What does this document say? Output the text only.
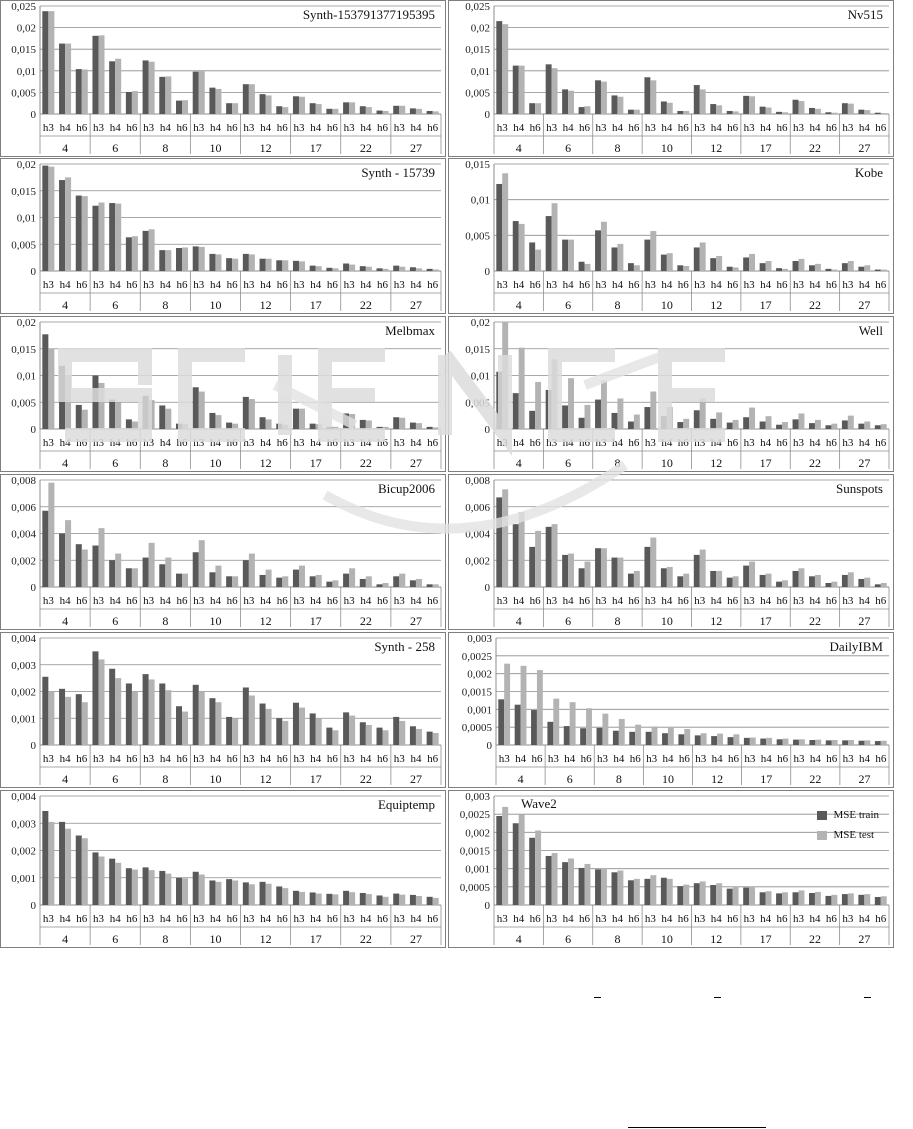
Synth-153791377195395
0
0,005
0,01
0,015
0,02
0,025
h3 h4 h6 h3 h4 h6 h3 h4 h6 h3 h4 h6 h3 h4 h6 h3 h4 h6 h3 h4 h6 h3 h4 h6
4	6	8	10	12	17	22	27
Nv515
0
0,005
0,01
0,015
0,02
0,025
h3 h4 h6 h3 h4 h6 h3 h4 h6 h3 h4 h6 h3 h4 h6 h3 h4 h6 h3 h4 h6 h3 h4 h6
4	6	8	10	12	17	22	27
Synth - 15739
0
0,005
0,01
0,015
0,02
h3 h4 h6 h3 h4 h6 h3 h4 h6 h3 h4 h6 h3 h4 h6 h3 h4 h6 h3 h4 h6 h3 h4 h6
4	6	8	10	12	17	22	27
Kobe
0
0,005
0,01
0,015
h3 h4 h6 h3 h4 h6 h3 h4 h6 h3 h4 h6 h3 h4 h6 h3 h4 h6 h3 h4 h6 h3 h4 h6
4	6	8	10	12	17	22	27
Melbmax
0
0,005
0,01
0,015
0,02
h3 h4 h6 h3 h4 h6 h3 h4 h6 h3 h4 h6 h3 h4 h6 h3 h4 h6 h3 h4 h6 h3 h4 h6
4	6	8	10	12	17	22	27
Well
0
0,005
0,01
0,015
0,02
h3 h4 h6 h3 h4 h6 h3 h4 h6 h3 h4 h6 h3 h4 h6 h3 h4 h6 h3 h4 h6 h3 h4 h6
4	6	8	10	12	17	22	27
Bicup2006
0
0,002
0,004
0,006
0,008
h3 h4 h6 h3 h4 h6 h3 h4 h6 h3 h4 h6 h3 h4 h6 h3 h4 h6 h3 h4 h6 h3 h4 h6
4	6	8	10	12	17	22	27
Sunspots
0
0,002
0,004
0,006
0,008
h3 h4 h6 h3 h4 h6 h3 h4 h6 h3 h4 h6 h3 h4 h6 h3 h4 h6 h3 h4 h6 h3 h4 h6
4	6	8	10	12	17	22	27
Synth - 258
0
0,001
0,002
0,003
0,004
h3 h4 h6 h3 h4 h6 h3 h4 h6 h3 h4 h6 h3 h4 h6 h3 h4 h6 h3 h4 h6 h3 h4 h6
4	6	8	10	12	17	22	27
DailyIBM
0
0,0005
0,001
0,0015
0,002
0,0025
0,003
h3 h4 h6 h3 h4 h6 h3 h4 h6 h3 h4 h6 h3 h4 h6 h3 h4 h6 h3 h4 h6 h3 h4 h6
4	6	8	10	12	17	22	27
Equiptemp
0
0,001
0,002
0,003
0,004
h3 h4 h6 h3 h4 h6 h3 h4 h6 h3 h4 h6 h3 h4 h6 h3 h4 h6 h3 h4 h6 h3 h4 h6
4	6	8	10	12	17	22	27
Wave2
0
0,0005
0,001
0,0015
0,002
0,0025
0,003
h3 h4 h6 h3 h4 h6 h3 h4 h6 h3 h4 h6 h3 h4 h6 h3 h4 h6 h3 h4 h6 h3 h4 h6
4	6	8	10	12	17	22	27
MSE train
MSE test
